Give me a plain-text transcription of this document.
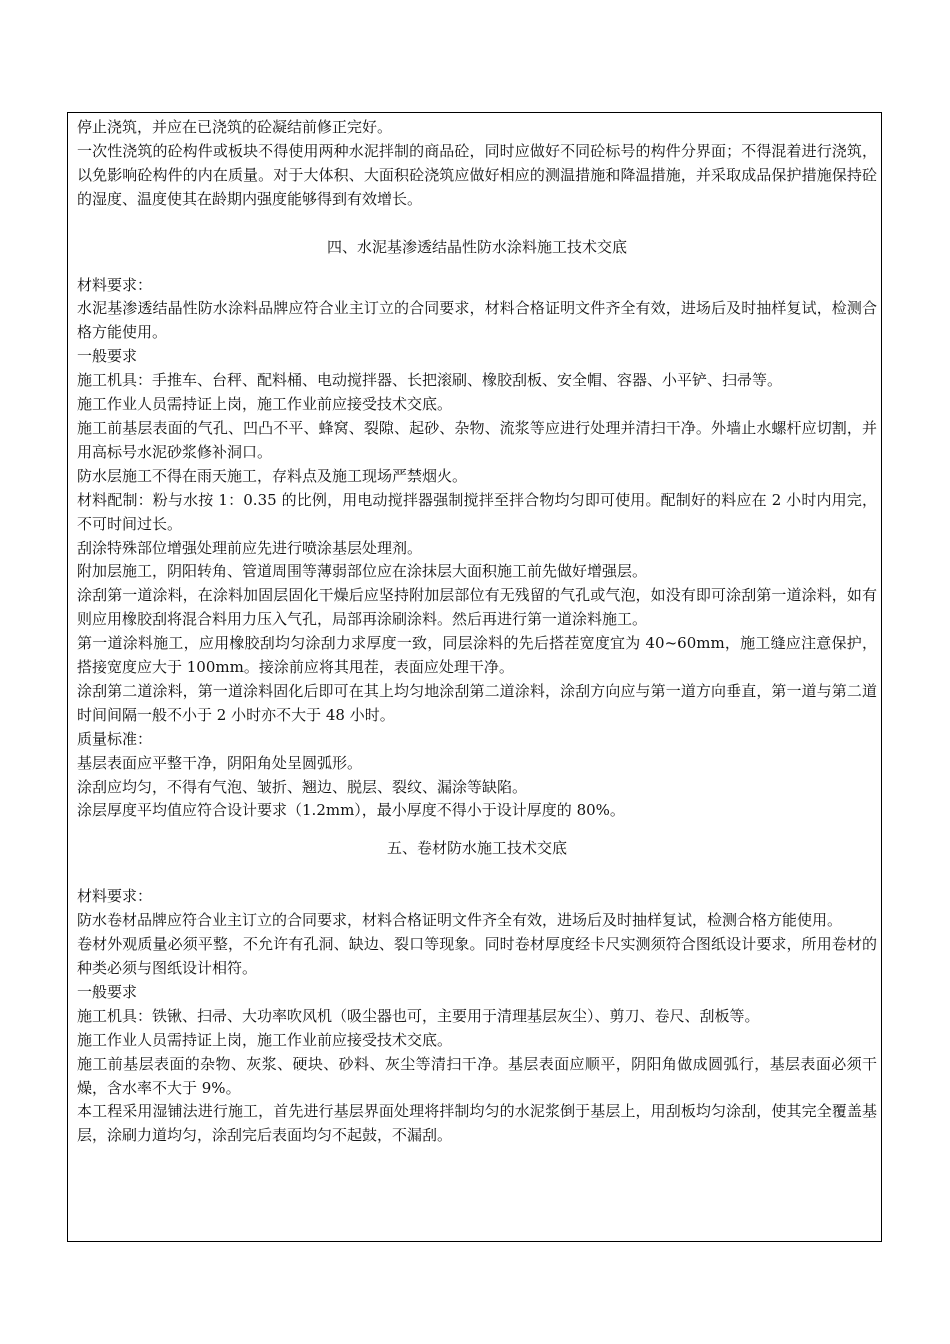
停止浇筑，并应在已浇筑的砼凝结前修正完好。

一次性浇筑的砼构件或板块不得使用两种水泥拌制的商品砼，同时应做好不同砼标号的构件分界面；不得混着进行浇筑，以免影响砼构件的内在质量。对于大体积、大面积砼浇筑应做好相应的测温措施和降温措施，并采取成品保护措施保持砼的湿度、温度使其在龄期内强度能够得到有效增长。

四、水泥基渗透结晶性防水涂料施工技术交底

材料要求：

水泥基渗透结晶性防水涂料品牌应符合业主订立的合同要求，材料合格证明文件齐全有效，进场后及时抽样复试，检测合格方能使用。

一般要求

施工机具：手推车、台秤、配料桶、电动搅拌器、长把滚刷、橡胶刮板、安全帽、容器、小平铲、扫帚等。

施工作业人员需持证上岗，施工作业前应接受技术交底。

施工前基层表面的气孔、凹凸不平、蜂窝、裂隙、起砂、杂物、流浆等应进行处理并清扫干净。外墙止水螺杆应切割，并用高标号水泥砂浆修补洞口。

防水层施工不得在雨天施工，存料点及施工现场严禁烟火。

材料配制：粉与水按 1：0.35 的比例，用电动搅拌器强制搅拌至拌合物均匀即可使用。配制好的料应在 2 小时内用完，不可时间过长。

刮涂特殊部位增强处理前应先进行喷涂基层处理剂。

附加层施工，阴阳转角、管道周围等薄弱部位应在涂抹层大面积施工前先做好增强层。

涂刮第一道涂料，在涂料加固层固化干燥后应坚持附加层部位有无残留的气孔或气泡，如没有即可涂刮第一道涂料，如有则应用橡胶刮将混合料用力压入气孔，局部再涂刷涂料。然后再进行第一道涂料施工。

第一道涂料施工，应用橡胶刮均匀涂刮力求厚度一致，同层涂料的先后搭茬宽度宜为 40~60mm，施工缝应注意保护，搭接宽度应大于 100mm。接涂前应将其甩茬，表面应处理干净。

涂刮第二道涂料，第一道涂料固化后即可在其上均匀地涂刮第二道涂料，涂刮方向应与第一道方向垂直，第一道与第二道时间间隔一般不小于 2 小时亦不大于 48 小时。

质量标准：

基层表面应平整干净，阴阳角处呈圆弧形。

涂刮应均匀，不得有气泡、皱折、翘边、脱层、裂纹、漏涂等缺陷。

涂层厚度平均值应符合设计要求（1.2mm），最小厚度不得小于设计厚度的 80%。

五、卷材防水施工技术交底

材料要求：

防水卷材品牌应符合业主订立的合同要求，材料合格证明文件齐全有效，进场后及时抽样复试，检测合格方能使用。

卷材外观质量必须平整，不允许有孔洞、缺边、裂口等现象。同时卷材厚度经卡尺实测须符合图纸设计要求，所用卷材的种类必须与图纸设计相符。

一般要求

施工机具：铁锹、扫帚、大功率吹风机（吸尘器也可，主要用于清理基层灰尘）、剪刀、卷尺、刮板等。

施工作业人员需持证上岗，施工作业前应接受技术交底。

施工前基层表面的杂物、灰浆、硬块、砂料、灰尘等清扫干净。基层表面应顺平，阴阳角做成圆弧行，基层表面必须干燥，含水率不大于 9%。

本工程采用湿铺法进行施工，首先进行基层界面处理将拌制均匀的水泥浆倒于基层上，用刮板均匀涂刮，使其完全覆盖基层，涂刷力道均匀，涂刮完后表面均匀不起鼓，不漏刮。
